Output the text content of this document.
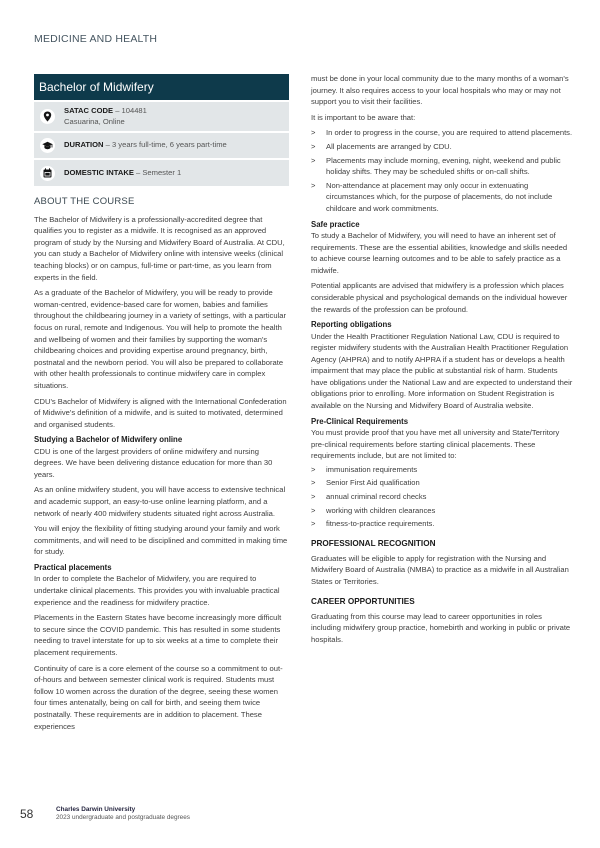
MEDICINE AND HEALTH
Bachelor of Midwifery
SATAC CODE – 104481
Casuarina, Online
DURATION – 3 years full-time, 6 years part-time
DOMESTIC INTAKE – Semester 1
ABOUT THE COURSE

The Bachelor of Midwifery is a professionally-accredited degree that qualifies you to register as a midwife. It is recognised as an approved program of study by the Nursing and Midwifery Board of Australia. At CDU, you can study a Bachelor of Midwifery online with intensive weeks (clinical teaching blocks) or on campus, full-time or part-time, as you learn from experts in the field.

As a graduate of the Bachelor of Midwifery, you will be ready to provide woman-centred, evidence-based care for women, babies and families throughout the childbearing journey in a variety of settings, with a particular focus on rural, remote and Indigenous. You will help to promote the health and wellbeing of women and their families by supporting the woman's childbearing choices and providing expertise around pregnancy, birth, postnatal and the newborn period. You will also be prepared to collaborate with other health professionals to continue midwifery care in complex situations.

CDU's Bachelor of Midwifery is aligned with the International Confederation of Midwive's definition of a midwife, and is suited to motivated, determined and organised students.

Studying a Bachelor of Midwifery online

CDU is one of the largest providers of online midwifery and nursing degrees. We have been delivering distance education for more than 30 years.

As an online midwifery student, you will have access to extensive technical and academic support, an easy-to-use online learning platform, and a network of nearly 400 midwifery students situated right across Australia.

You will enjoy the flexibility of fitting studying around your family and work commitments, and will need to be disciplined and committed in making time for study.

Practical placements

In order to complete the Bachelor of Midwifery, you are required to undertake clinical placements. This provides you with invaluable practical experience and the readiness for midwifery practice.

Placements in the Eastern States have become increasingly more difficult to secure since the COVID pandemic. This has resulted in some students needing to travel interstate for up to six weeks at a time to complete their placement requirements.

Continuity of care is a core element of the course so a commitment to out-of-hours and between semester clinical work is required. Students must follow 10 women across the duration of the degree, seeing these women four times antenatally, being on call for birth, and seeing them twice postnatally. These requirements are in addition to placement. These experiences

must be done in your local community due to the many months of a woman's journey. It also requires access to your local hospitals who may or may not support you to visit their facilities.

It is important to be aware that:

> In order to progress in the course, you are required to attend placements.
> All placements are arranged by CDU.
> Placements may include morning, evening, night, weekend and public holiday shifts. They may be scheduled shifts or on-call shifts.
> Non-attendance at placement may only occur in extenuating circumstances which, for the purpose of placements, do not include childcare and work commitments.
Safe practice

To study a Bachelor of Midwifery, you will need to have an inherent set of requirements. These are the essential abilities, knowledge and skills needed to achieve course learning outcomes and to be able to safely practice as a midwife.

Potential applicants are advised that midwifery is a profession which places considerable physical and psychological demands on the individual however the rewards of the profession can be profound.

Reporting obligations

Under the Health Practitioner Regulation National Law, CDU is required to register midwifery students with the Australian Health Practitioner Regulation Agency (AHPRA) and to notify AHPRA if a student has or develops a health impairment that may place the public at substantial risk of harm. Students have obligations under the National Law and are expected to understand their obligations prior to enrolling. More information on Student Registration is available on the Nursing and Midwifery Board of Australia website.

Pre-Clinical Requirements

You must provide proof that you have met all university and State/Territory pre-clinical requirements before starting clinical placements. These requirements include, but are not limited to:

> immunisation requirements
> Senior First Aid qualification
> annual criminal record checks
> working with children clearances
> fitness-to-practice requirements.
PROFESSIONAL RECOGNITION

Graduates will be eligible to apply for registration with the Nursing and Midwifery Board of Australia (NMBA) to practice as a midwife in all Australian States or Territories.

CAREER OPPORTUNITIES

Graduating from this course may lead to career opportunities in roles including midwifery group practice, homebirth and working in public or private hospitals.

58	Charles Darwin University
2023 undergraduate and postgraduate degrees
